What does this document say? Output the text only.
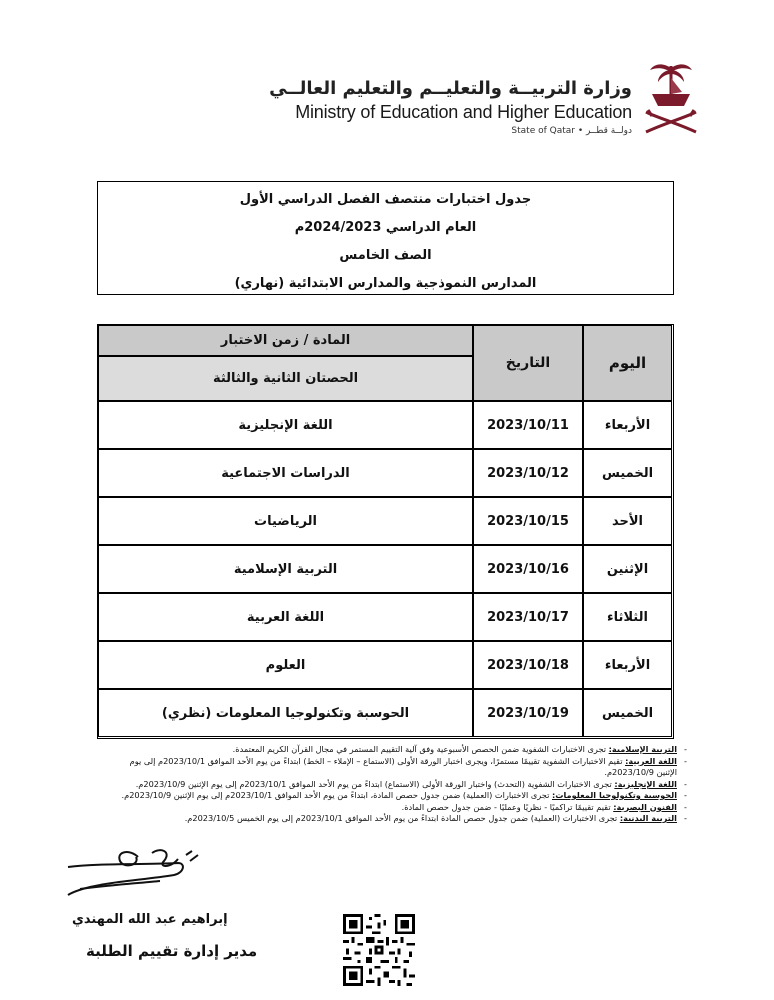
وزارة التربيــة والتعليــم والتعليم العالــي
Ministry of Education and Higher Education
State of Qatar • دولــة قطــر
جدول اختبارات منتصف الفصل الدراسي الأول
العام الدراسي 2024/2023م
الصف الخامس
المدارس النموذجية والمدارس الابتدائية (نهاري)
المادة / زمن الاختبار
الحصتان الثانية والثالثة
التاريخ	اليوم
اللغة الإنجليزية	2023/10/11	الأربعاء
الدراسات الاجتماعية	2023/10/12	الخميس
الرياضيات	2023/10/15	الأحد
التربية الإسلامية	2023/10/16	الإثنين
اللغة العربية	2023/10/17	الثلاثاء
العلوم	2023/10/18	الأربعاء
الحوسبة وتكنولوجيا المعلومات (نظري)	2023/10/19	الخميس
- التربية الإسلامية: تجرى الاختبارات الشفوية ضمن الحصص الأسبوعية وفق آلية التقييم المستمر في مجال القرآن الكريم المعتمدة.
- اللغة العربية: تقيم الاختبارات الشفوية تقييمًا مستمرًا، ويجرى اختبار الورقة الأولى (الاستماع – الإملاء – الخط) ابتداءً من يوم الأحد الموافق 2023/10/1م إلى يوم الإثنين 2023/10/9م.
- اللغة الإنجليزية: تجرى الاختبارات الشفوية (التحدث) واختبار الورقة الأولى (الاستماع) ابتداءً من يوم الأحد الموافق 2023/10/1م إلى يوم الإثنين 2023/10/9م.
- الحوسبة وتكنولوجيا المعلومات: تجرى الاختبارات (العملية) ضمن جدول حصص المادة، ابتداءً من يوم الأحد الموافق 2023/10/1م إلى يوم الإثنين 2023/10/9م.
- الفنون البصرية: تقيم تقييمًا تراكميًا - نظريًا وعمليًا - ضمن جدول حصص المادة.
- التربية البدنية: تجرى الاختبارات (العملية) ضمن جدول حصص المادة ابتداءً من يوم الأحد الموافق 2023/10/1م إلى يوم الخميس 2023/10/5م.
إبراهيم عبد الله المهندي
مدير إدارة تقييم الطلبة
